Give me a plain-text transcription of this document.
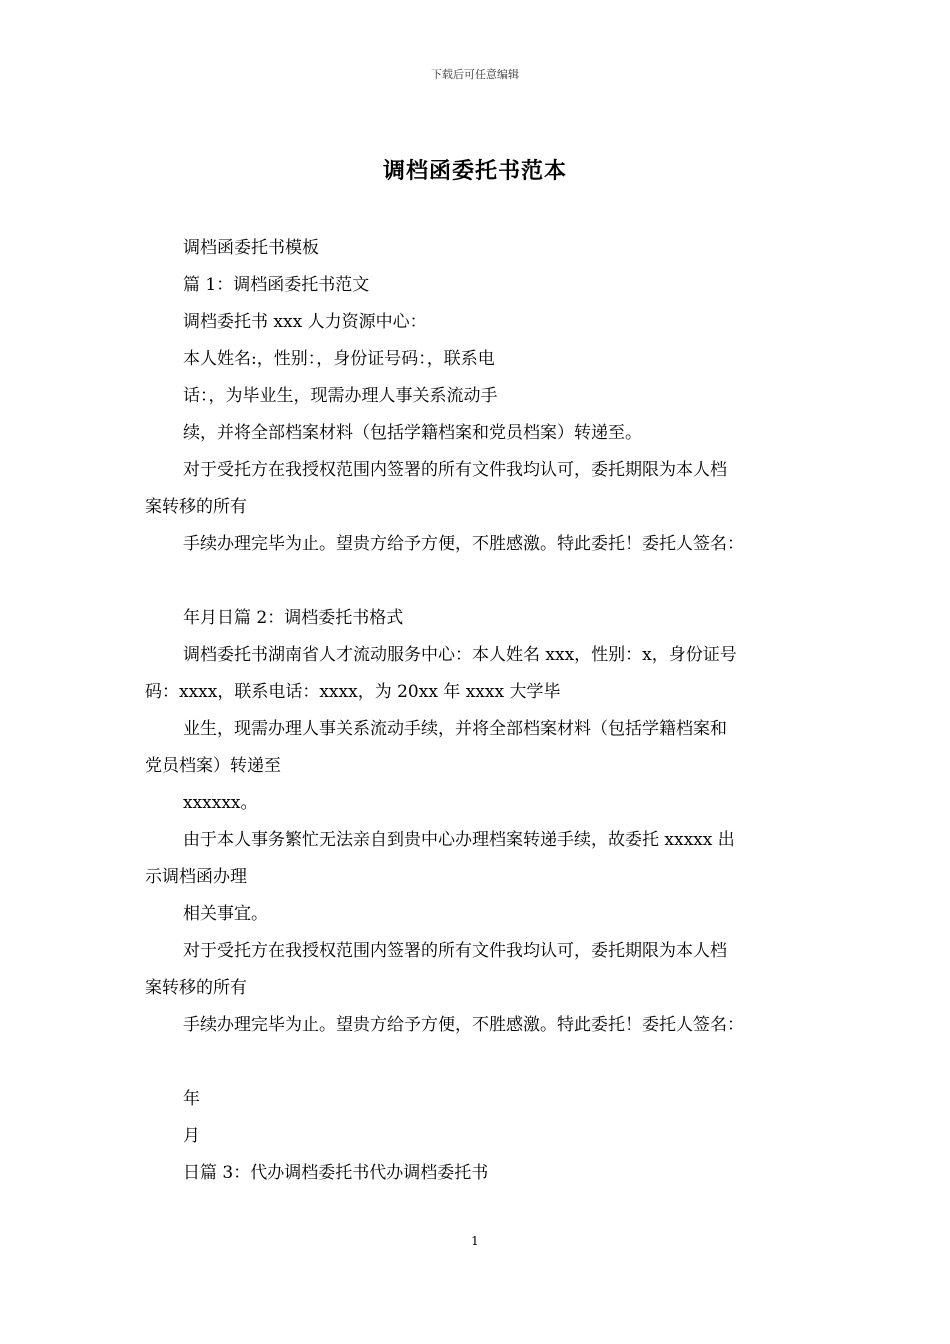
下载后可任意编辑
调档函委托书范本

调档函委托书模板

篇 1：调档函委托书范文

调档委托书 xxx 人力资源中心：

本人姓名:，性别：，身份证号码：，联系电

话：，为毕业生，现需办理人事关系流动手

续，并将全部档案材料（包括学籍档案和党员档案）转递至。

对于受托方在我授权范围内签署的所有文件我均认可，委托期限为本人档

案转移的所有

手续办理完毕为止。望贵方给予方便，不胜感激。特此委托！委托人签名：

年月日篇 2：调档委托书格式

调档委托书湖南省人才流动服务中心：本人姓名 xxx，性别：x，身份证号

码：xxxx，联系电话：xxxx，为 20xx 年 xxxx 大学毕

业生，现需办理人事关系流动手续，并将全部档案材料（包括学籍档案和

党员档案）转递至

xxxxxx。

由于本人事务繁忙无法亲自到贵中心办理档案转递手续，故委托 xxxxx 出

示调档函办理

相关事宜。

对于受托方在我授权范围内签署的所有文件我均认可，委托期限为本人档

案转移的所有

手续办理完毕为止。望贵方给予方便，不胜感激。特此委托！委托人签名：

年

月

日篇 3：代办调档委托书代办调档委托书

1
